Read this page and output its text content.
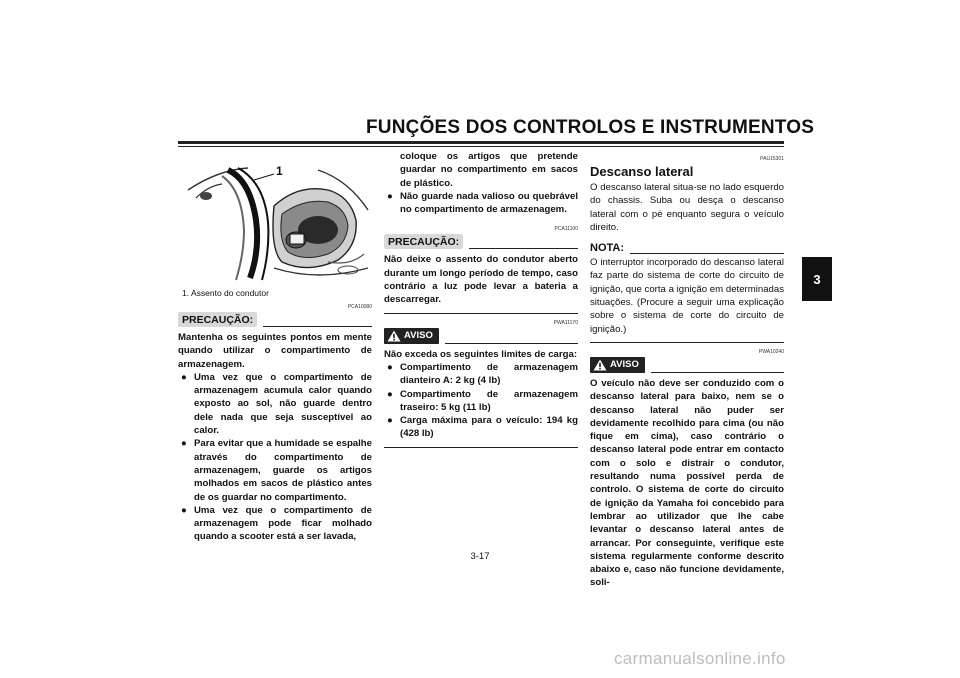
FUNÇÕES DOS CONTROLOS E INSTRUMENTOS
3
1
1. Assento do condutor
PCA10080
PRECAUÇÃO:
Mantenha os seguintes pontos em mente quando utilizar o compartimento de armazenagem.
● Uma vez que o compartimento de armazenagem acumula calor quando exposto ao sol, não guarde dentro dele nada que seja susceptível ao calor.
● Para evitar que a humidade se espalhe através do compartimento de armazenagem, guarde os artigos molhados em sacos de plástico antes de os guardar no compartimento.
● Uma vez que o compartimento de armazenagem pode ficar molhado quando a scooter está a ser lavada,
coloque os artigos que pretende guardar no compartimento em sacos de plástico.
● Não guarde nada valioso ou quebrável no compartimento de armazenagem.
PCA11100
PRECAUÇÃO:
Não deixe o assento do condutor aberto durante um longo período de tempo, caso contrário a luz pode levar a bateria a descarregar.
PWA11170
AVISO
Não exceda os seguintes limites de carga:
● Compartimento de armazenagem dianteiro A: 2 kg (4 lb)
● Compartimento de armazenagem traseiro: 5 kg (11 lb)
● Carga máxima para o veículo: 194 kg (428 lb)
PAU15301
Descanso lateral
O descanso lateral situa-se no lado esquerdo do chassis. Suba ou desça o descanso lateral com o pé enquanto segura o veículo direito.
NOTA:
O interruptor incorporado do descanso lateral faz parte do sistema de corte do circuito de ignição, que corta a ignição em determinadas situações. (Procure a seguir uma explicação sobre o sistema de corte do circuito de ignição.)
PWA10240
AVISO
O veículo não deve ser conduzido com o descanso lateral para baixo, nem se o descanso lateral não puder ser devidamente recolhido para cima (ou não fique em cima), caso contrário o descanso lateral pode entrar em contacto com o solo e distrair o condutor, resultando numa possível perda de controlo. O sistema de corte do circuito de ignição da Yamaha foi concebido para lembrar ao utilizador que lhe cabe levantar o descanso lateral antes de arrancar. Por conseguinte, verifique este sistema regularmente conforme descrito abaixo e, caso não funcione devidamente, soli-
3-17
carmanualsonline.info
